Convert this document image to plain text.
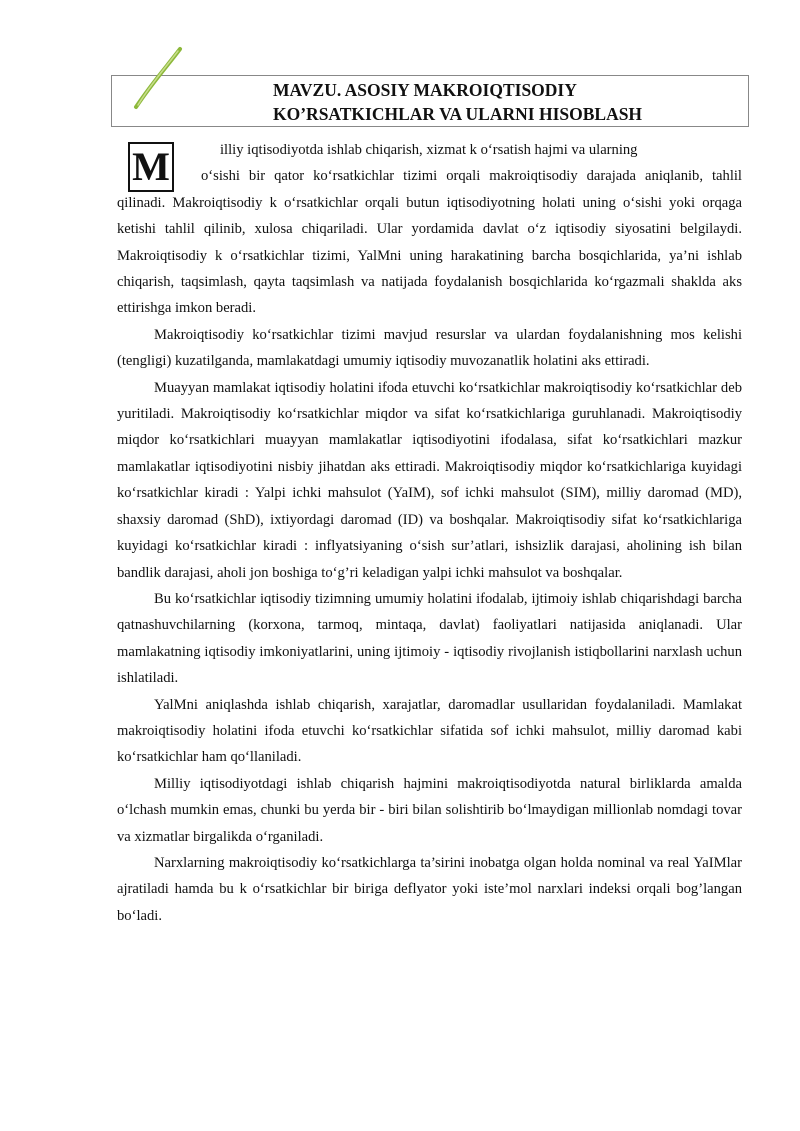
MAVZU. ASOSIY MAKROIQTISODIY
KO’RSATKICHLAR VA ULARNI HISOBLASH
M	illiy iqtisodiyotda ishlab chiqarish, xizmat k o‘rsatish hajmi va ularning
o‘sishi bir qator ko‘rsatkichlar tizimi orqali makroiqtisodiy darajada aniqlanib, tahlil qilinadi. Makroiqtisodiy k o‘rsatkichlar orqali butun iqtisodiyotning holati uning o‘sishi yoki orqaga ketishi tahlil qilinib, xulosa chiqariladi. Ular yordamida davlat o‘z iqtisodiy siyosatini belgilaydi. Makroiqtisodiy k o‘rsatkichlar tizimi, YalMni uning harakatining barcha bosqichlarida, ya’ni ishlab chiqarish, taqsimlash, qayta taqsimlash va natijada foydalanish bosqichlarida ko‘rgazmali shaklda aks ettirishga imkon beradi.

Makroiqtisodiy ko‘rsatkichlar tizimi mavjud resurslar va ulardan foydalanishning mos kelishi (tengligi) kuzatilganda, mamlakatdagi umumiy iqtisodiy muvozanatlik holatini aks ettiradi.

Muayyan mamlakat iqtisodiy holatini ifoda etuvchi ko‘rsatkichlar makroiqtisodiy ko‘rsatkichlar deb yuritiladi. Makroiqtisodiy ko‘rsatkichlar miqdor va sifat ko‘rsatkichlariga guruhlanadi. Makroiqtisodiy miqdor ko‘rsatkichlari muayyan mamlakatlar iqtisodiyotini ifodalasa, sifat ko‘rsatkichlari mazkur mamlakatlar iqtisodiyotini nisbiy jihatdan aks ettiradi. Makroiqtisodiy miqdor ko‘rsatkichlariga kuyidagi ko‘rsatkichlar kiradi : Yalpi ichki mahsulot (YaIM), sof ichki mahsulot (SIM), milliy daromad (MD), shaxsiy daromad (ShD), ixtiyordagi daromad (ID) va boshqalar. Makroiqtisodiy sifat ko‘rsatkichlariga kuyidagi ko‘rsatkichlar kiradi : inflyatsiyaning o‘sish sur’atlari, ishsizlik darajasi, aholining ish bilan bandlik darajasi, aholi jon boshiga to‘g’ri keladigan yalpi ichki mahsulot va boshqalar.

Bu ko‘rsatkichlar iqtisodiy tizimning umumiy holatini ifodalab, ijtimoiy ishlab chiqarishdagi barcha qatnashuvchilarning (korxona, tarmoq, mintaqa, davlat) faoliyatlari natijasida aniqlanadi. Ular mamlakatning iqtisodiy imkoniyatlarini, uning ijtimoiy - iqtisodiy rivojlanish istiqbollarini narxlash uchun ishlatiladi.

YalMni aniqlashda ishlab chiqarish, xarajatlar, daromadlar usullaridan foydalaniladi. Mamlakat makroiqtisodiy holatini ifoda etuvchi ko‘rsatkichlar sifatida sof ichki mahsulot, milliy daromad kabi ko‘rsatkichlar ham qo‘llaniladi.

Milliy iqtisodiyotdagi ishlab chiqarish hajmini makroiqtisodiyotda natural birliklarda amalda o‘lchash mumkin emas, chunki bu yerda bir - biri bilan solishtirib bo‘lmaydigan millionlab nomdagi tovar va xizmatlar birgalikda o‘rganiladi.

Narxlarning makroiqtisodiy ko‘rsatkichlarga ta’sirini inobatga olgan holda nominal va real YaIMlar ajratiladi hamda bu k o‘rsatkichlar bir biriga deflyator yoki iste’mol narxlari indeksi orqali bog’langan bo‘ladi.
